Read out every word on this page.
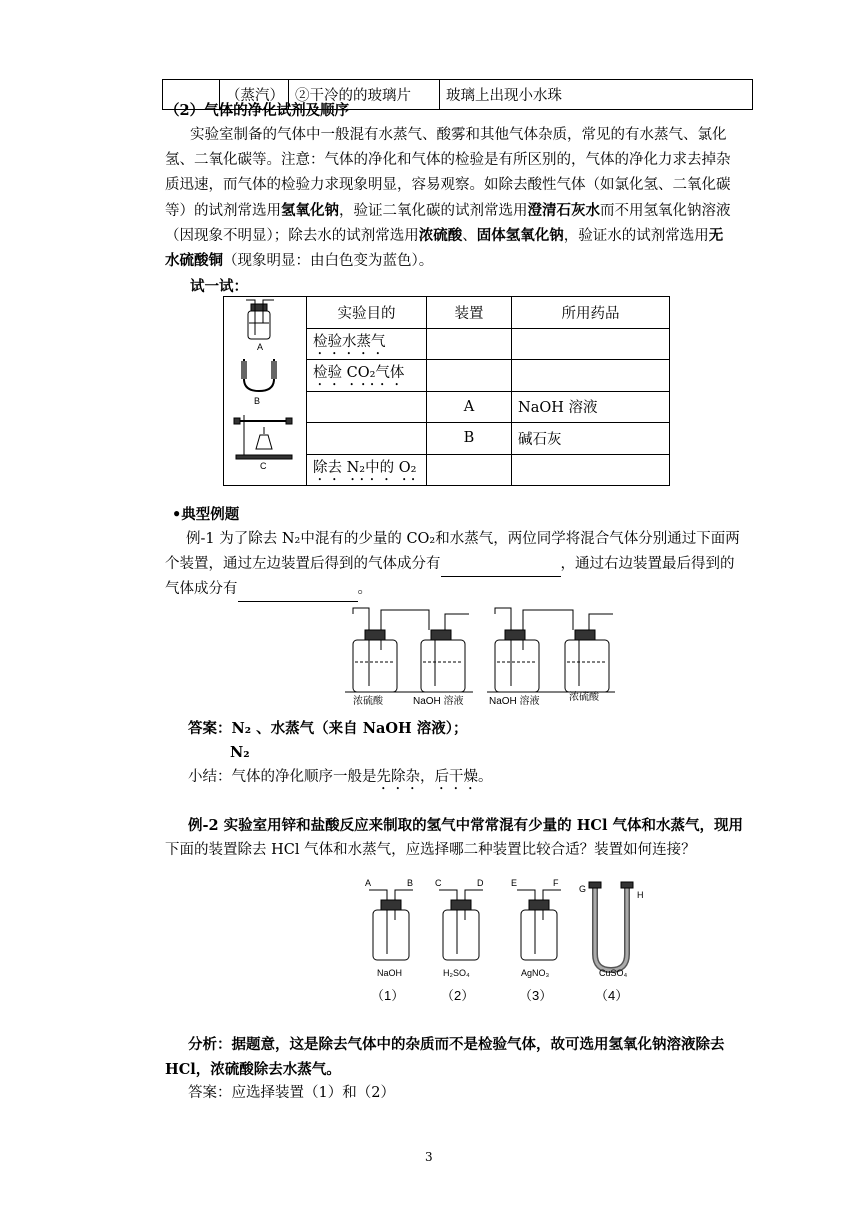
	（蒸汽）	②干冷的的玻璃片	玻璃上出现小水珠
（2）气体的净化试剂及顺序
实验室制备的气体中一般混有水蒸气、酸雾和其他气体杂质，常见的有水蒸气、氯化
氢、二氧化碳等。注意：气体的净化和气体的检验是有所区别的，气体的净化力求去掉杂
质迅速，而气体的检验力求现象明显，容易观察。如除去酸性气体（如氯化氢、二氧化碳
等）的试剂常选用氢氧化钠，验证二氧化碳的试剂常选用澄清石灰水而不用氢氧化钠溶液
（因现象不明显）；除去水的试剂常选用浓硫酸、固体氢氧化钠，验证水的试剂常选用无
水硫酸铜（现象明显：由白色变为蓝色）。
试一试：
A
B
C	实验目的	装置	所用药品
	检验水蒸气		
	检验 CO₂气体		
		A	NaOH 溶液
		B	碱石灰
	除去 N₂中的 O₂		
•典型例题
例-1 为了除去 N₂中混有的少量的 CO₂和水蒸气，两位同学将混合气体分别通过下面两
个装置，通过左边装置后得到的气体成分有	，通过右边装置最后得到的
气体成分有	。
浓硫酸	NaOH 溶液	NaOH 溶液	浓硫酸
答案：N₂ 、水蒸气（来自 NaOH 溶液）；
N₂
小结：气体的净化顺序一般是先除杂，后干燥。
例-2 实验室用锌和盐酸反应来制取的氢气中常常混有少量的 HCl 气体和水蒸气，现用
下面的装置除去 HCl 气体和水蒸气，应选择哪二种装置比较合适？装置如何连接？
A	B C	D	E	F
G
H
NaOH	H₂SO₄	AgNO₃	CuSO₄
（1）	（2）	（3）	（4）
分析：据题意，这是除去气体中的杂质而不是检验气体，故可选用氢氧化钠溶液除去
HCl，浓硫酸除去水蒸气。
答案：应选择装置（1）和（2）
3
